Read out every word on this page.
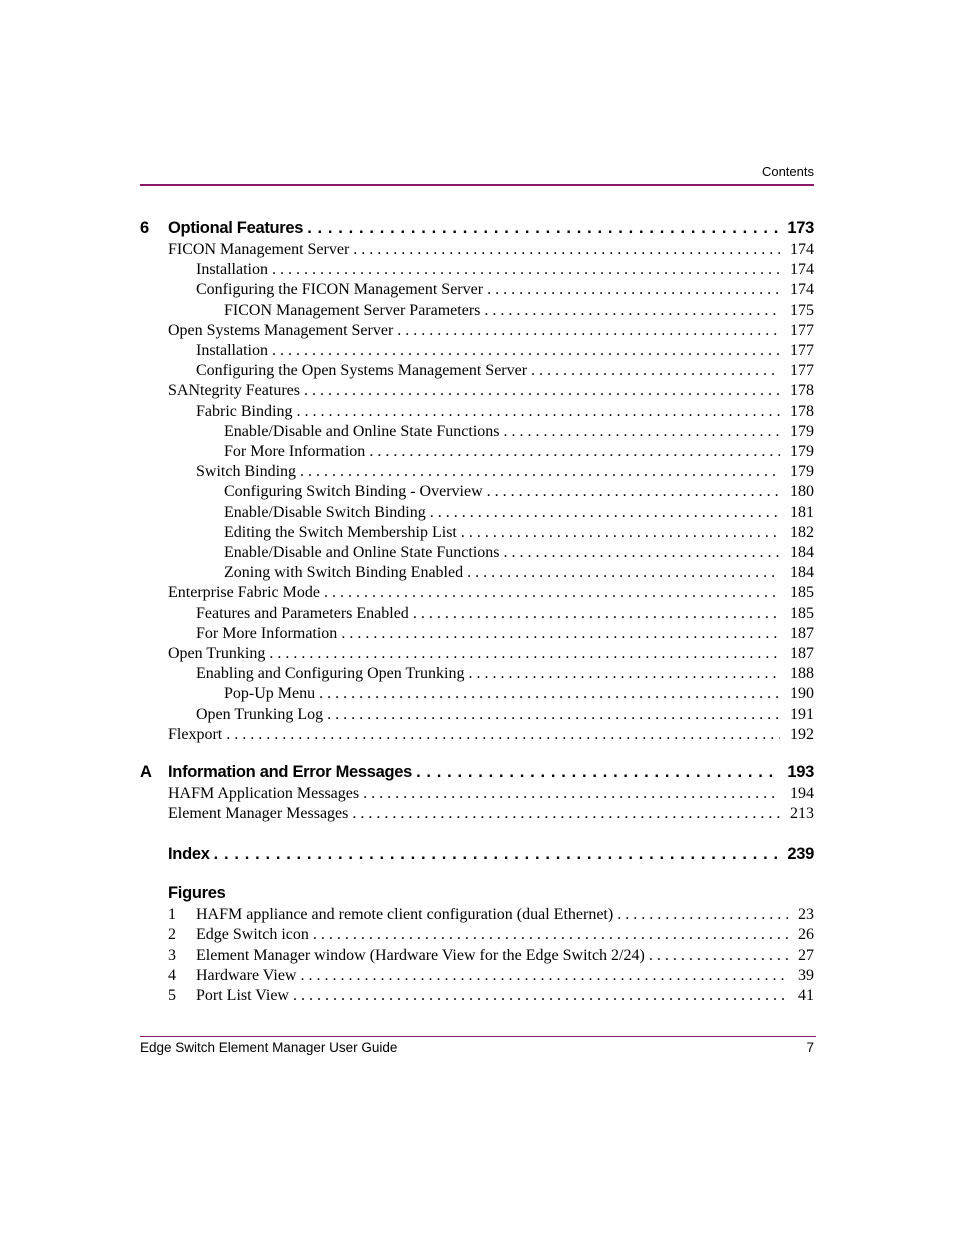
Contents
6 Optional Features . . .	173
FICON Management Server . . .	174
Installation . . .	174
Configuring the FICON Management Server . . .	174
FICON Management Server Parameters . . .	175
Open Systems Management Server . . .	177
Installation . . .	177
Configuring the Open Systems Management Server . . .	177
SANtegrity Features . . .	178
Fabric Binding . . .	178
Enable/Disable and Online State Functions . . .	179
For More Information . . .	179
Switch Binding . . .	179
Configuring Switch Binding - Overview . . .	180
Enable/Disable Switch Binding . . .	181
Editing the Switch Membership List . . .	182
Enable/Disable and Online State Functions . . .	184
Zoning with Switch Binding Enabled . . .	184
Enterprise Fabric Mode . . .	185
Features and Parameters Enabled . . .	185
For More Information . . .	187
Open Trunking . . .	187
Enabling and Configuring Open Trunking . . .	188
Pop-Up Menu . . .	190
Open Trunking Log . . .	191
Flexport . . .	192
A Information and Error Messages . . .	193
HAFM Application Messages . . .	194
Element Manager Messages . . .	213
Index . . .	239
Figures
1 HAFM appliance and remote client configuration (dual Ethernet) . . .	23
2 Edge Switch icon . . .	26
3 Element Manager window (Hardware View for the Edge Switch 2/24) . . .	27
4 Hardware View . . .	39
5 Port List View . . .	41
Edge Switch Element Manager User Guide	7
